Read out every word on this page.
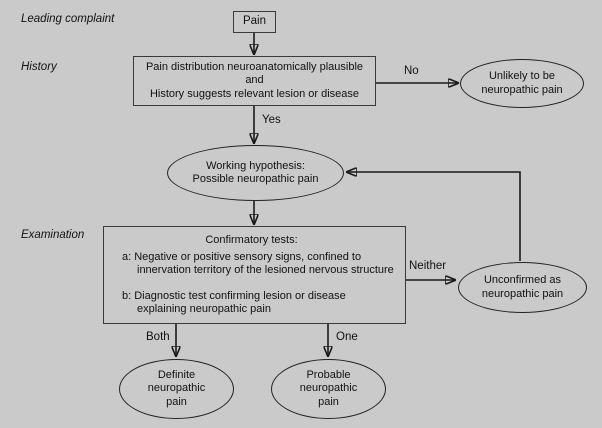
Leading complaint
History
Examination
Pain
Pain distribution neuroanatomically plausible
and
History suggests relevant lesion or disease
Unlikely to be
neuropathic pain
Working hypothesis:
Possible neuropathic pain
Confirmatory tests:
a: Negative or positive sensory signs, confined to
innervation territory of the lesioned nervous structure
b: Diagnostic test confirming lesion or disease
explaining neuropathic pain
Unconfirmed as
neuropathic pain
Definite
neuropathic
pain
Probable
neuropathic
pain
No
Yes
Neither
Both	One
